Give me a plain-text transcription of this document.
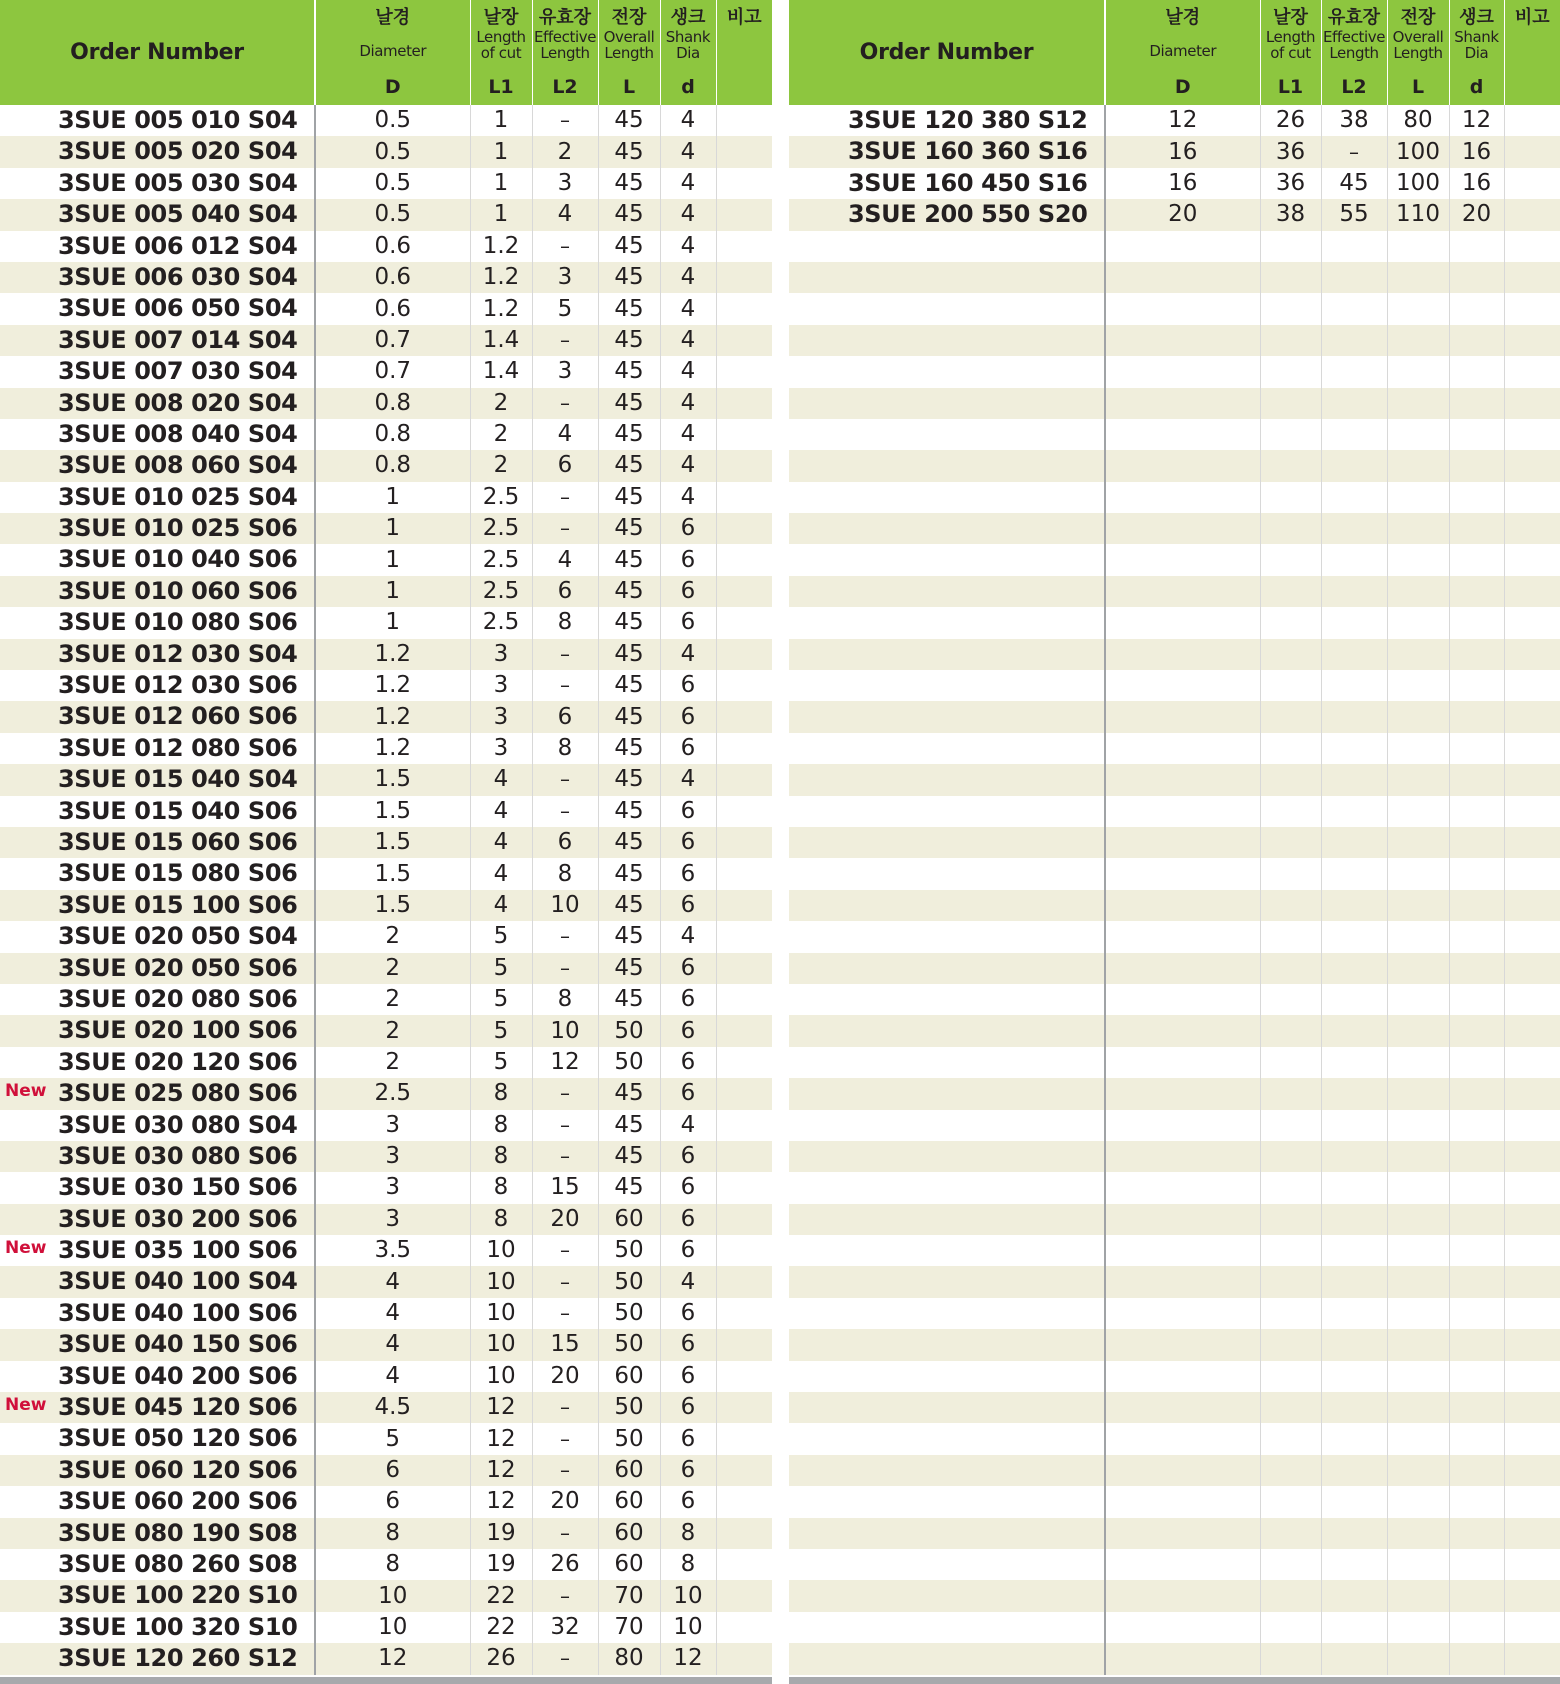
Order Number	날경
Diameter
D	날장
Length
of cut
L1	유효장
Effective
Length
L2	전장
Overall
Length
L	생크
Shank
Dia
d	비고

3SUE 005 010 S04	0.5	1	–	45	4	

3SUE 005 020 S04	0.5	1	2	45	4	

3SUE 005 030 S04	0.5	1	3	45	4	

3SUE 005 040 S04	0.5	1	4	45	4	

3SUE 006 012 S04	0.6	1.2	–	45	4	

3SUE 006 030 S04	0.6	1.2	3	45	4	

3SUE 006 050 S04	0.6	1.2	5	45	4	

3SUE 007 014 S04	0.7	1.4	–	45	4	

3SUE 007 030 S04	0.7	1.4	3	45	4	

3SUE 008 020 S04	0.8	2	–	45	4	

3SUE 008 040 S04	0.8	2	4	45	4	

3SUE 008 060 S04	0.8	2	6	45	4	

3SUE 010 025 S04	1	2.5	–	45	4	

3SUE 010 025 S06	1	2.5	–	45	6	

3SUE 010 040 S06	1	2.5	4	45	6	

3SUE 010 060 S06	1	2.5	6	45	6	

3SUE 010 080 S06	1	2.5	8	45	6	

3SUE 012 030 S04	1.2	3	–	45	4	

3SUE 012 030 S06	1.2	3	–	45	6	

3SUE 012 060 S06	1.2	3	6	45	6	

3SUE 012 080 S06	1.2	3	8	45	6	

3SUE 015 040 S04	1.5	4	–	45	4	

3SUE 015 040 S06	1.5	4	–	45	6	

3SUE 015 060 S06	1.5	4	6	45	6	

3SUE 015 080 S06	1.5	4	8	45	6	

3SUE 015 100 S06	1.5	4	10	45	6	

3SUE 020 050 S04	2	5	–	45	4	

3SUE 020 050 S06	2	5	–	45	6	

3SUE 020 080 S06	2	5	8	45	6	

3SUE 020 100 S06	2	5	10	50	6	

3SUE 020 120 S06	2	5	12	50	6	

New 3SUE 025 080 S06	2.5	8	–	45	6	

3SUE 030 080 S04	3	8	–	45	4	

3SUE 030 080 S06	3	8	–	45	6	

3SUE 030 150 S06	3	8	15	45	6	

3SUE 030 200 S06	3	8	20	60	6	

New 3SUE 035 100 S06	3.5	10	–	50	6	

3SUE 040 100 S04	4	10	–	50	4	

3SUE 040 100 S06	4	10	–	50	6	

3SUE 040 150 S06	4	10	15	50	6	

3SUE 040 200 S06	4	10	20	60	6	

New 3SUE 045 120 S06	4.5	12	–	50	6	

3SUE 050 120 S06	5	12	–	50	6	

3SUE 060 120 S06	6	12	–	60	6	

3SUE 060 200 S06	6	12	20	60	6	

3SUE 080 190 S08	8	19	–	60	8	

3SUE 080 260 S08	8	19	26	60	8	

3SUE 100 220 S10	10	22	–	70	10	

3SUE 100 320 S10	10	22	32	70	10	

3SUE 120 260 S12	12	26	–	80	12	
Order Number	날경
Diameter
D	날장
Length
of cut
L1	유효장
Effective
Length
L2	전장
Overall
Length
L	생크
Shank
Dia
d	비고

3SUE 120 380 S12	12	26	38	80	12	

3SUE 160 360 S16	16	36	–	100	16	

3SUE 160 450 S16	16	36	45	100	16	

3SUE 200 550 S20	20	38	55	110	20	
